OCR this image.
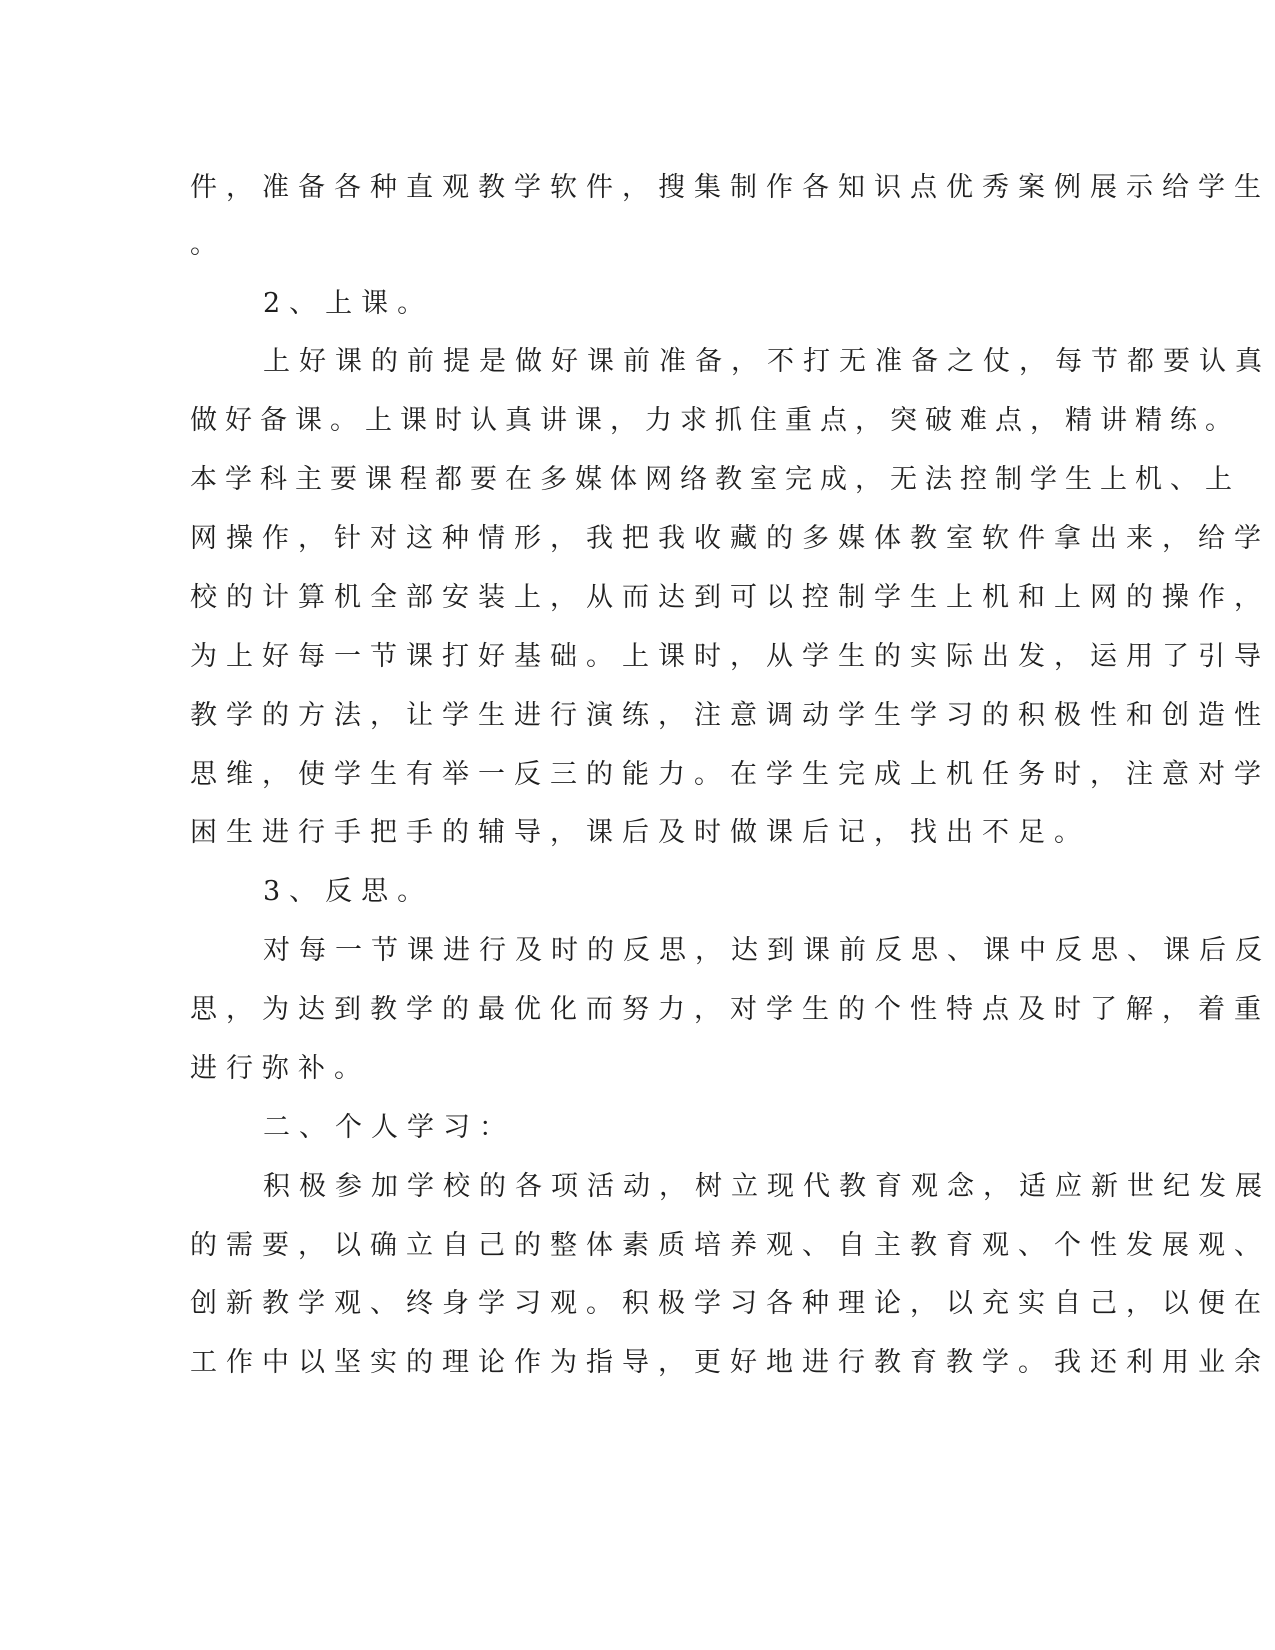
件，准备各种直观教学软件，搜集制作各知识点优秀案例展示给学生

。

2、上课。

上好课的前提是做好课前准备，不打无准备之仗，每节都要认真

做好备课。上课时认真讲课，力求抓住重点，突破难点，精讲精练。

本学科主要课程都要在多媒体网络教室完成，无法控制学生上机、上

网操作，针对这种情形，我把我收藏的多媒体教室软件拿出来，给学

校的计算机全部安装上，从而达到可以控制学生上机和上网的操作，

为上好每一节课打好基础。上课时，从学生的实际出发，运用了引导

教学的方法，让学生进行演练，注意调动学生学习的积极性和创造性

思维，使学生有举一反三的能力。在学生完成上机任务时，注意对学

困生进行手把手的辅导，课后及时做课后记，找出不足。

3、反思。

对每一节课进行及时的反思，达到课前反思、课中反思、课后反

思，为达到教学的最优化而努力，对学生的个性特点及时了解，着重

进行弥补。

二、个人学习：

积极参加学校的各项活动，树立现代教育观念，适应新世纪发展

的需要，以确立自己的整体素质培养观、自主教育观、个性发展观、

创新教学观、终身学习观。积极学习各种理论，以充实自己，以便在

工作中以坚实的理论作为指导，更好地进行教育教学。我还利用业余
